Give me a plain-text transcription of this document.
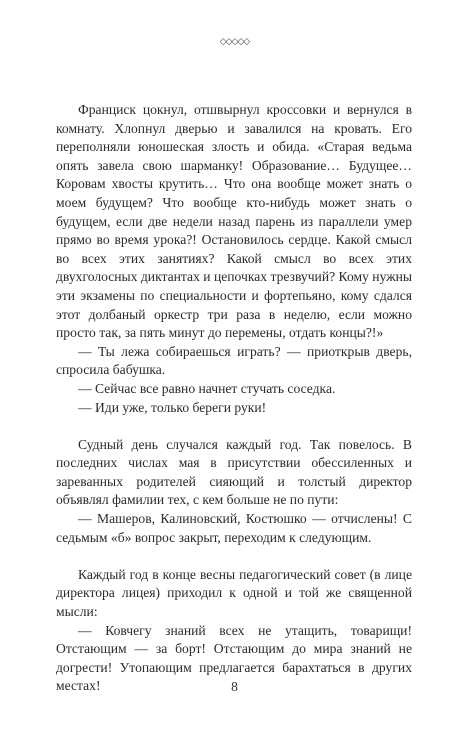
◇◇◇◇◇

Франциск цокнул, отшвырнул кроссовки и вернулся в комнату. Хлопнул дверью и завалился на кровать. Его переполняли юношеская злость и обида. «Старая ведьма опять завела свою шарманку! Образование… Будущее… Коровам хвосты крутить… Что она вообще может знать о моем будущем? Что вообще кто-нибудь может знать о будущем, если две недели назад парень из параллели умер прямо во время урока?! Остановилось сердце. Какой смысл во всех этих занятиях? Какой смысл во всех этих двухголосных диктантах и цепочках трезвучий? Кому нужны эти экзамены по специальности и фортепьяно, кому сдался этот долбаный оркестр три раза в неделю, если можно просто так, за пять минут до перемены, отдать концы?!»

— Ты лежа собираешься играть? — приоткрыв дверь, спросила бабушка.

— Сейчас все равно начнет стучать соседка.

— Иди уже, только береги руки!

Судный день случался каждый год. Так повелось. В последних числах мая в присутствии обессиленных и зареванных родителей сияющий и толстый директор объявлял фамилии тех, с кем больше не по пути:

— Машеров, Калиновский, Костюшко — отчислены! С седьмым «б» вопрос закрыт, переходим к следующим.

Каждый год в конце весны педагогический совет (в лице директора лицея) приходил к одной и той же священной мысли:

— Ковчегу знаний всех не утащить, товарищи! Отстающим — за борт! Отстающим до мира знаний не догрести! Утопающим предлагается барахтаться в других местах!	8
